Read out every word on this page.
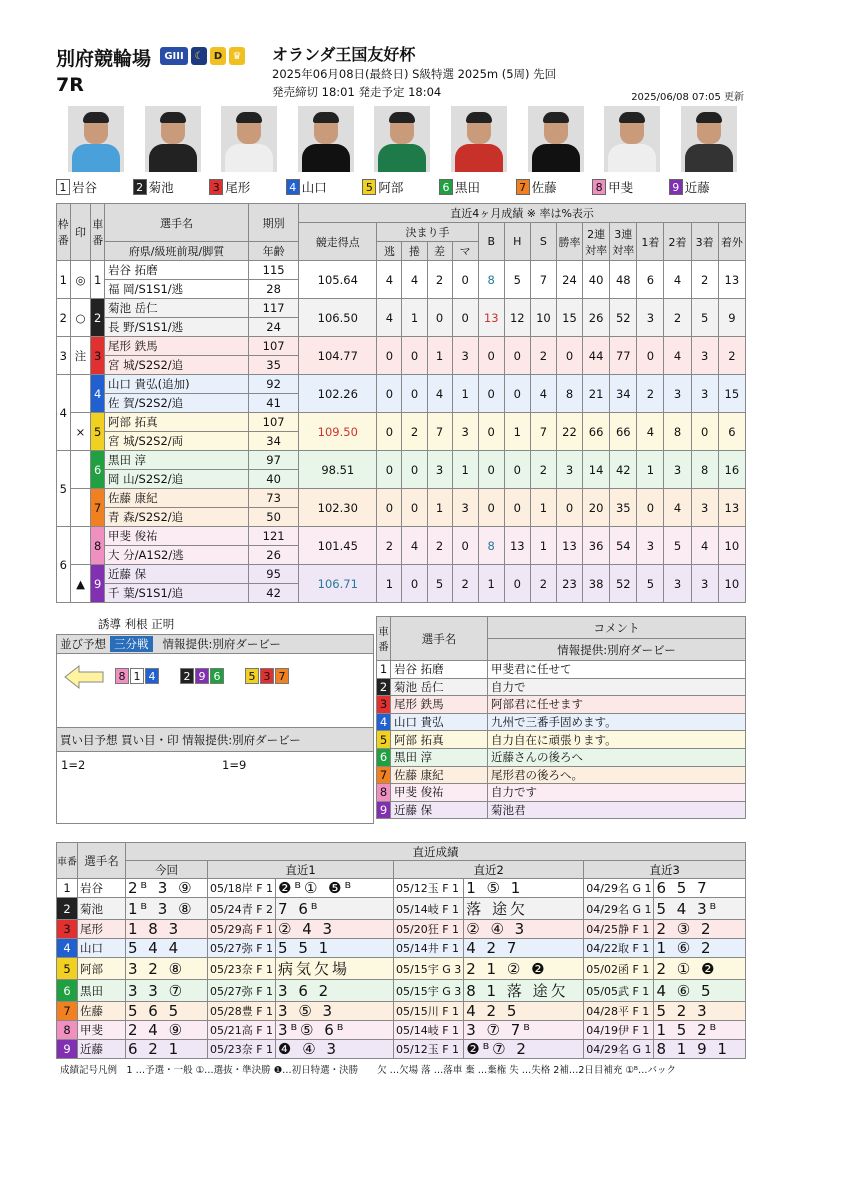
別府競輪場	GIII	☾	D	♛
7R
オランダ王国友好杯
2025年06月08日(最終日) S級特選 2025m (5周) 先回
発売締切 18:01 発走予定 18:04	2025/06/08 07:05 更新
1 岩谷	2 菊池	3 尾形	4 山口	5 阿部	6 黒田	7 佐藤	8 甲斐	9 近藤
枠番	印	車番	選手名	期別	直近4ヶ月成績 ※ 率は%表示														
					競走得点	決まり手				B	H	S	勝率	2連対率	3連対率	1着	2着	3着	着外
			府県/級班前現/脚質	年齢		逃	捲	差	マ										
1	◎	1	岩谷 拓磨	115	105.64	4	4	2	0	8	5	7	24	40	48	6	4	2	13
			福 岡/S1S1/逃	28															
2	○	2	菊池 岳仁	117	106.50	4	1	0	0	13	12	10	15	26	52	3	2	5	9
			長 野/S1S1/逃	24															
3	注	3	尾形 鉄馬	107	104.77	0	0	1	3	0	0	2	0	44	77	0	4	3	2
			宮 城/S2S2/追	35															
4		4	山口 貴弘(追加)	92	102.26	0	0	4	1	0	0	4	8	21	34	2	3	3	15
			佐 賀/S2S2/追	41															
	×	5	阿部 拓真	107	109.50	0	2	7	3	0	1	7	22	66	66	4	8	0	6
			宮 城/S2S2/両	34															
5		6	黒田 淳	97	98.51	0	0	3	1	0	0	2	3	14	42	1	3	8	16
			岡 山/S2S2/追	40															
		7	佐藤 康紀	73	102.30	0	0	1	3	0	0	1	0	20	35	0	4	3	13
			青 森/S2S2/追	50															
6		8	甲斐 俊祐	121	101.45	2	4	2	0	8	13	1	13	36	54	3	5	4	10
			大 分/A1S2/逃	26															
	▲	9	近藤 保	95	106.71	1	0	5	2	1	0	2	23	38	52	5	3	3	10
			千 葉/S1S1/追	42															
誘導 利根 正明
並び予想 三分戦	情報提供:別府ダービー
8 1 4	2 9 6	5 3 7
買い目予想 買い目・印 情報提供:別府ダービー
1=2	1=9
車番	選手名	コメント
		情報提供:別府ダービー
1	岩谷 拓磨	甲斐君に任せて
2	菊池 岳仁	自力で
3	尾形 鉄馬	阿部君に任せます
4	山口 貴弘	九州で三番手固めます。
5	阿部 拓真	自力自在に頑張ります。
6	黒田 淳	近藤さんの後ろへ
7	佐藤 康紀	尾形君の後ろへ。
8	甲斐 俊祐	自力です
9	近藤 保	菊池君
車番	選手名	直近成績						
		今回	直近1		直近2		直近3	
1	岩谷	2ᴮ 3 ⑨	05/18岸 F 1	❷ᴮ① ❺ᴮ	05/12玉 F 1	1 ⑤ 1	04/29名 G 1	6 5 7
2	菊池	1ᴮ 3 ⑧	05/24青 F 2	7 6ᴮ	05/14岐 F 1	落 途欠	04/29名 G 1	5 4 3ᴮ
3	尾形	1 8 3	05/29高 F 1	② 4 3	05/20狂 F 1	② ④ 3	04/25静 F 1	2 ③ 2
4	山口	5 4 4	05/27弥 F 1	5 5 1	05/14井 F 1	4 2 7	04/22取 F 1	1 ⑥ 2
5	阿部	3 2 ⑧	05/23奈 F 1	病気欠場	05/15宇 G 3	2 1 ② ❷	05/02函 F 1	2 ① ❷
6	黒田	3 3 ⑦	05/27弥 F 1	3 6 2	05/15宇 G 3	8 1 落 途欠	05/05武 F 1	4 ⑥ 5
7	佐藤	5 6 5	05/28豊 F 1	3 ⑤ 3	05/15川 F 1	4 2 5	04/28平 F 1	5 2 3
8	甲斐	2 4 ⑨	05/21高 F 1	3ᴮ⑤ 6ᴮ	05/14岐 F 1	3 ⑦ 7ᴮ	04/19伊 F 1	1 5 2ᴮ
9	近藤	6 2 1	05/23奈 F 1	❹ ④ 3	05/12玉 F 1	❷ᴮ⑦ 2	04/29名 G 1	8 1 9 1
成績記号凡例　1 …予選・一般 ①…選抜・準決勝 ❶…初日特選・決勝　　欠 …欠場 落 …落車 棄 …棄権 失 …失格 2補…2日目補充 ①ᴮ…バック
